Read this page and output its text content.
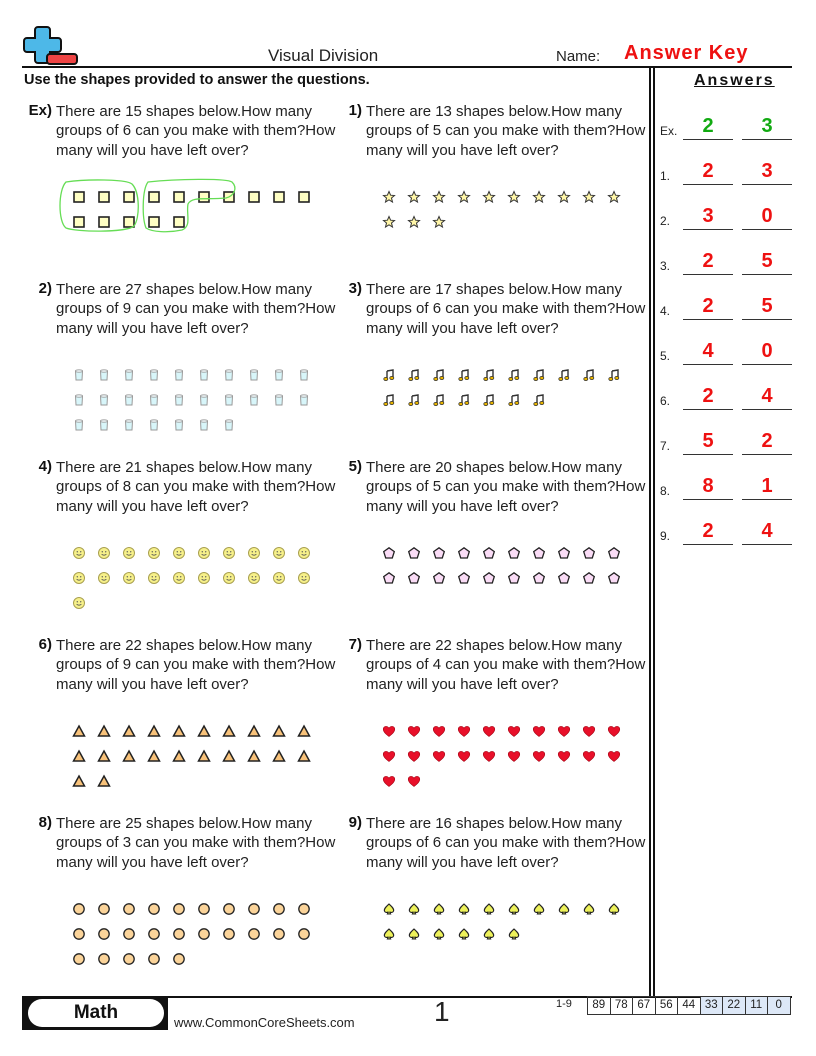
Visual Division	Name: Answer Key
Use the shapes provided to answer the questions.
Ex) There are 15 shapes below.How many groups of 6 can you make with them?How many will you have left over?
1) There are 13 shapes below.How many groups of 5 can you make with them?How many will you have left over?
2) There are 27 shapes below.How many groups of 9 can you make with them?How many will you have left over?
3) There are 17 shapes below.How many groups of 6 can you make with them?How many will you have left over?
4) There are 21 shapes below.How many groups of 8 can you make with them?How many will you have left over?
5) There are 20 shapes below.How many groups of 5 can you make with them?How many will you have left over?
6) There are 22 shapes below.How many groups of 9 can you make with them?How many will you have left over?
7) There are 22 shapes below.How many groups of 4 can you make with them?How many will you have left over?
8) There are 25 shapes below.How many groups of 3 can you make with them?How many will you have left over?
9) There are 16 shapes below.How many groups of 6 can you make with them?How many will you have left over?
Answers
Ex.	2	3
1.	2	3
2.	3	0
3.	2	5
4.	2	5
5.	4	0
6.	2	4
7.	5	2
8.	8	1
9.	2	4
Math	www.CommonCoreSheets.com	1	1-9	89 78 67 56 44 33 22 11	0
